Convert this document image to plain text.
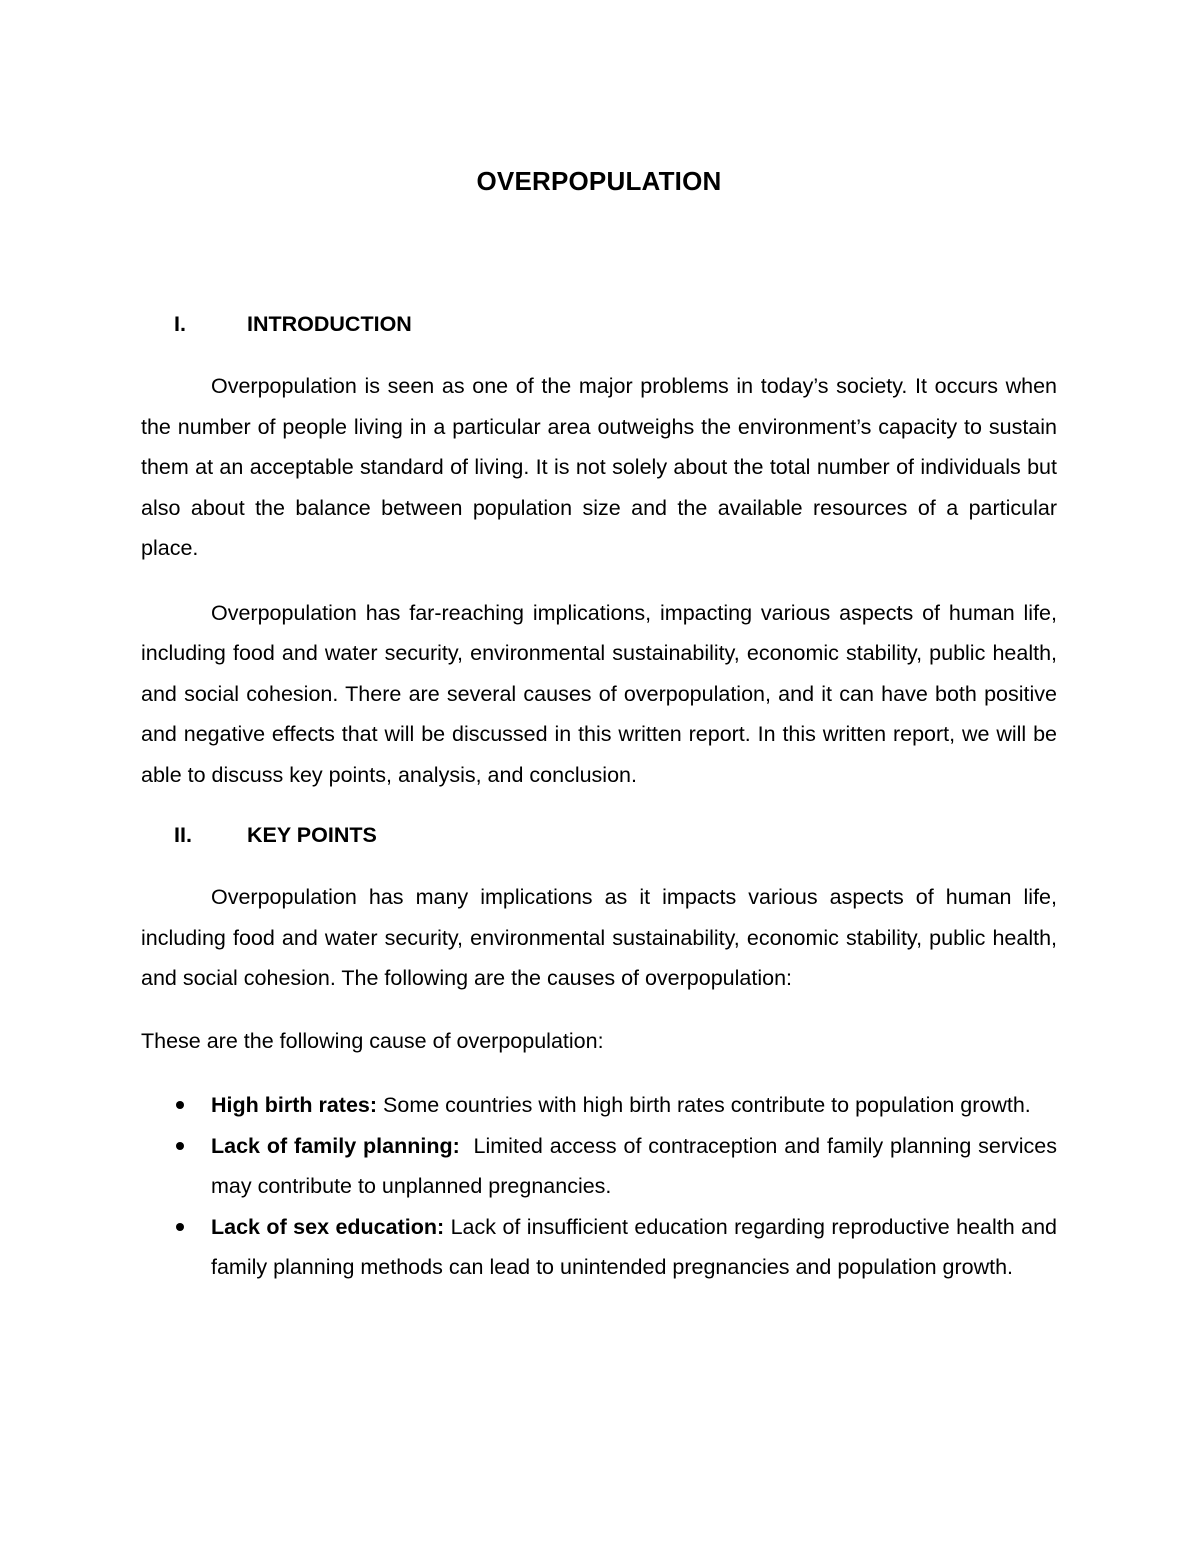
OVERPOPULATION
I.	INTRODUCTION

Overpopulation is seen as one of the major problems in today’s society. It occurs when the number of people living in a particular area outweighs the environment’s capacity to sustain them at an acceptable standard of living. It is not solely about the total number of individuals but also about the balance between population size and the available resources of a particular place.

Overpopulation has far-reaching implications, impacting various aspects of human life, including food and water security, environmental sustainability, economic stability, public health, and social cohesion. There are several causes of overpopulation, and it can have both positive and negative effects that will be discussed in this written report. In this written report, we will be able to discuss key points, analysis, and conclusion.

II.	KEY POINTS

Overpopulation has many implications as it impacts various aspects of human life, including food and water security, environmental sustainability, economic stability, public health, and social cohesion. The following are the causes of overpopulation:

These are the following cause of overpopulation:

High birth rates: Some countries with high birth rates contribute to population growth.
Lack of family planning: Limited access of contraception and family planning services may contribute to unplanned pregnancies.
Lack of sex education: Lack of insufficient education regarding reproductive health and family planning methods can lead to unintended pregnancies and population growth.
